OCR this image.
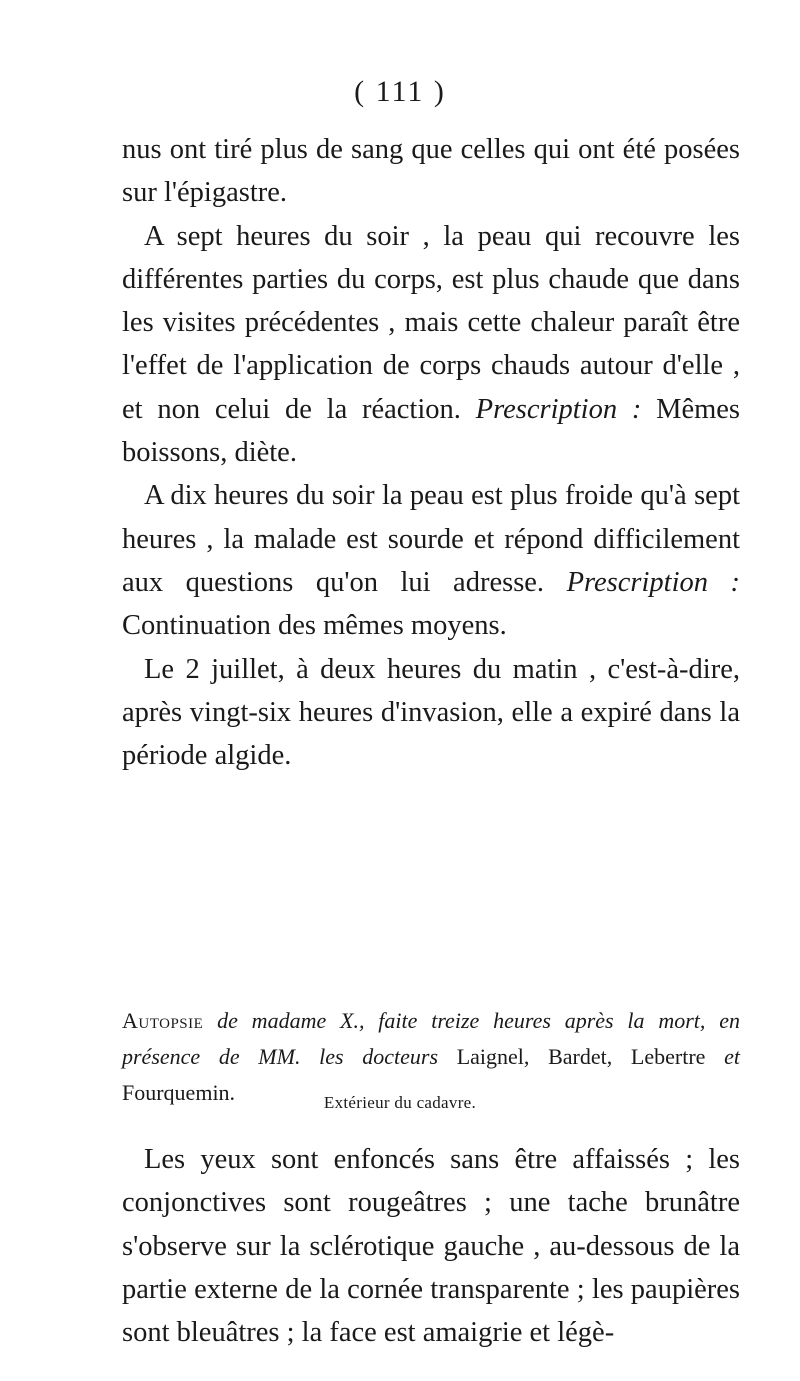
( 111 )

nus ont tiré plus de sang que celles qui ont été posées sur l'épigastre.

A sept heures du soir , la peau qui recouvre les différentes parties du corps, est plus chaude que dans les visites précédentes , mais cette chaleur paraît être l'effet de l'application de corps chauds autour d'elle , et non celui de la réaction. Prescription : Mêmes boissons, diète.

A dix heures du soir la peau est plus froide qu'à sept heures , la malade est sourde et répond difficilement aux questions qu'on lui adresse. Prescription : Continuation des mêmes moyens.

Le 2 juillet, à deux heures du matin , c'est-à-dire, après vingt-six heures d'invasion, elle a expiré dans la période algide.

Autopsie de madame X., faite treize heures après la mort, en présence de MM. les docteurs Laignel, Bardet, Lebertre et Fourquemin.	Extérieur du cadavre.

Les yeux sont enfoncés sans être affaissés ; les conjonctives sont rougeâtres ; une tache brunâtre s'observe sur la sclérotique gauche , au-dessous de la partie externe de la cornée transparente ; les paupières sont bleuâtres ; la face est amaigrie et légè-
